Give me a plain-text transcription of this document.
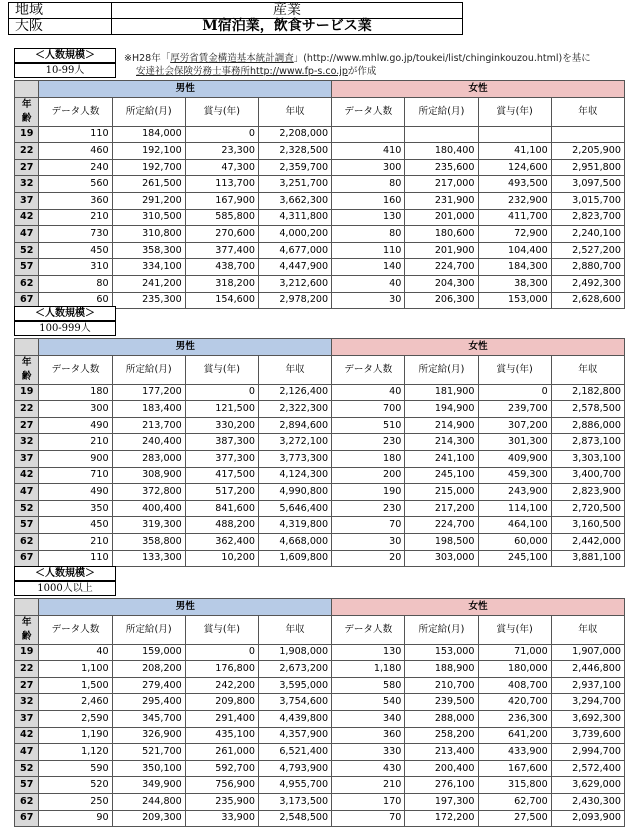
地域	産業
大阪	M宿泊業，飲食サービス業
※H28年「厚労省賃金構造基本統計調査」(http://www.mhlw.go.jp/toukei/list/chinginkouzou.html)を基に
安達社会保険労務士事務所http://www.fp-s.co.jpが作成
＜人数規模＞
10-99人
	男性				女性			
年齢	データ人数	所定給(月)	賞与(年)	年収	データ人数	所定給(月)	賞与(年)	年収
19	110	184,000	0	2,208,000				
22	460	192,100	23,300	2,328,500	410	180,400	41,100	2,205,900
27	240	192,700	47,300	2,359,700	300	235,600	124,600	2,951,800
32	560	261,500	113,700	3,251,700	80	217,000	493,500	3,097,500
37	360	291,200	167,900	3,662,300	160	231,900	232,900	3,015,700
42	210	310,500	585,800	4,311,800	130	201,000	411,700	2,823,700
47	730	310,800	270,600	4,000,200	80	180,600	72,900	2,240,100
52	450	358,300	377,400	4,677,000	110	201,900	104,400	2,527,200
57	310	334,100	438,700	4,447,900	140	224,700	184,300	2,880,700
62	80	241,200	318,200	3,212,600	40	204,300	38,300	2,492,300
67	60	235,300	154,600	2,978,200	30	206,300	153,000	2,628,600
＜人数規模＞
100-999人
	男性				女性			
年齢	データ人数	所定給(月)	賞与(年)	年収	データ人数	所定給(月)	賞与(年)	年収
19	180	177,200	0	2,126,400	40	181,900	0	2,182,800
22	300	183,400	121,500	2,322,300	700	194,900	239,700	2,578,500
27	490	213,700	330,200	2,894,600	510	214,900	307,200	2,886,000
32	210	240,400	387,300	3,272,100	230	214,300	301,300	2,873,100
37	900	283,000	377,300	3,773,300	180	241,100	409,900	3,303,100
42	710	308,900	417,500	4,124,300	200	245,100	459,300	3,400,700
47	490	372,800	517,200	4,990,800	190	215,000	243,900	2,823,900
52	350	400,400	841,600	5,646,400	230	217,200	114,100	2,720,500
57	450	319,300	488,200	4,319,800	70	224,700	464,100	3,160,500
62	210	358,800	362,400	4,668,000	30	198,500	60,000	2,442,000
67	110	133,300	10,200	1,609,800	20	303,000	245,100	3,881,100
＜人数規模＞
1000人以上
	男性				女性			
年齢	データ人数	所定給(月)	賞与(年)	年収	データ人数	所定給(月)	賞与(年)	年収
19	40	159,000	0	1,908,000	130	153,000	71,000	1,907,000
22	1,100	208,200	176,800	2,673,200	1,180	188,900	180,000	2,446,800
27	1,500	279,400	242,200	3,595,000	580	210,700	408,700	2,937,100
32	2,460	295,400	209,800	3,754,600	540	239,500	420,700	3,294,700
37	2,590	345,700	291,400	4,439,800	340	288,000	236,300	3,692,300
42	1,190	326,900	435,100	4,357,900	360	258,200	641,200	3,739,600
47	1,120	521,700	261,000	6,521,400	330	213,400	433,900	2,994,700
52	590	350,100	592,700	4,793,900	430	200,400	167,600	2,572,400
57	520	349,900	756,900	4,955,700	210	276,100	315,800	3,629,000
62	250	244,800	235,900	3,173,500	170	197,300	62,700	2,430,300
67	90	209,300	33,900	2,548,500	70	172,200	27,500	2,093,900
